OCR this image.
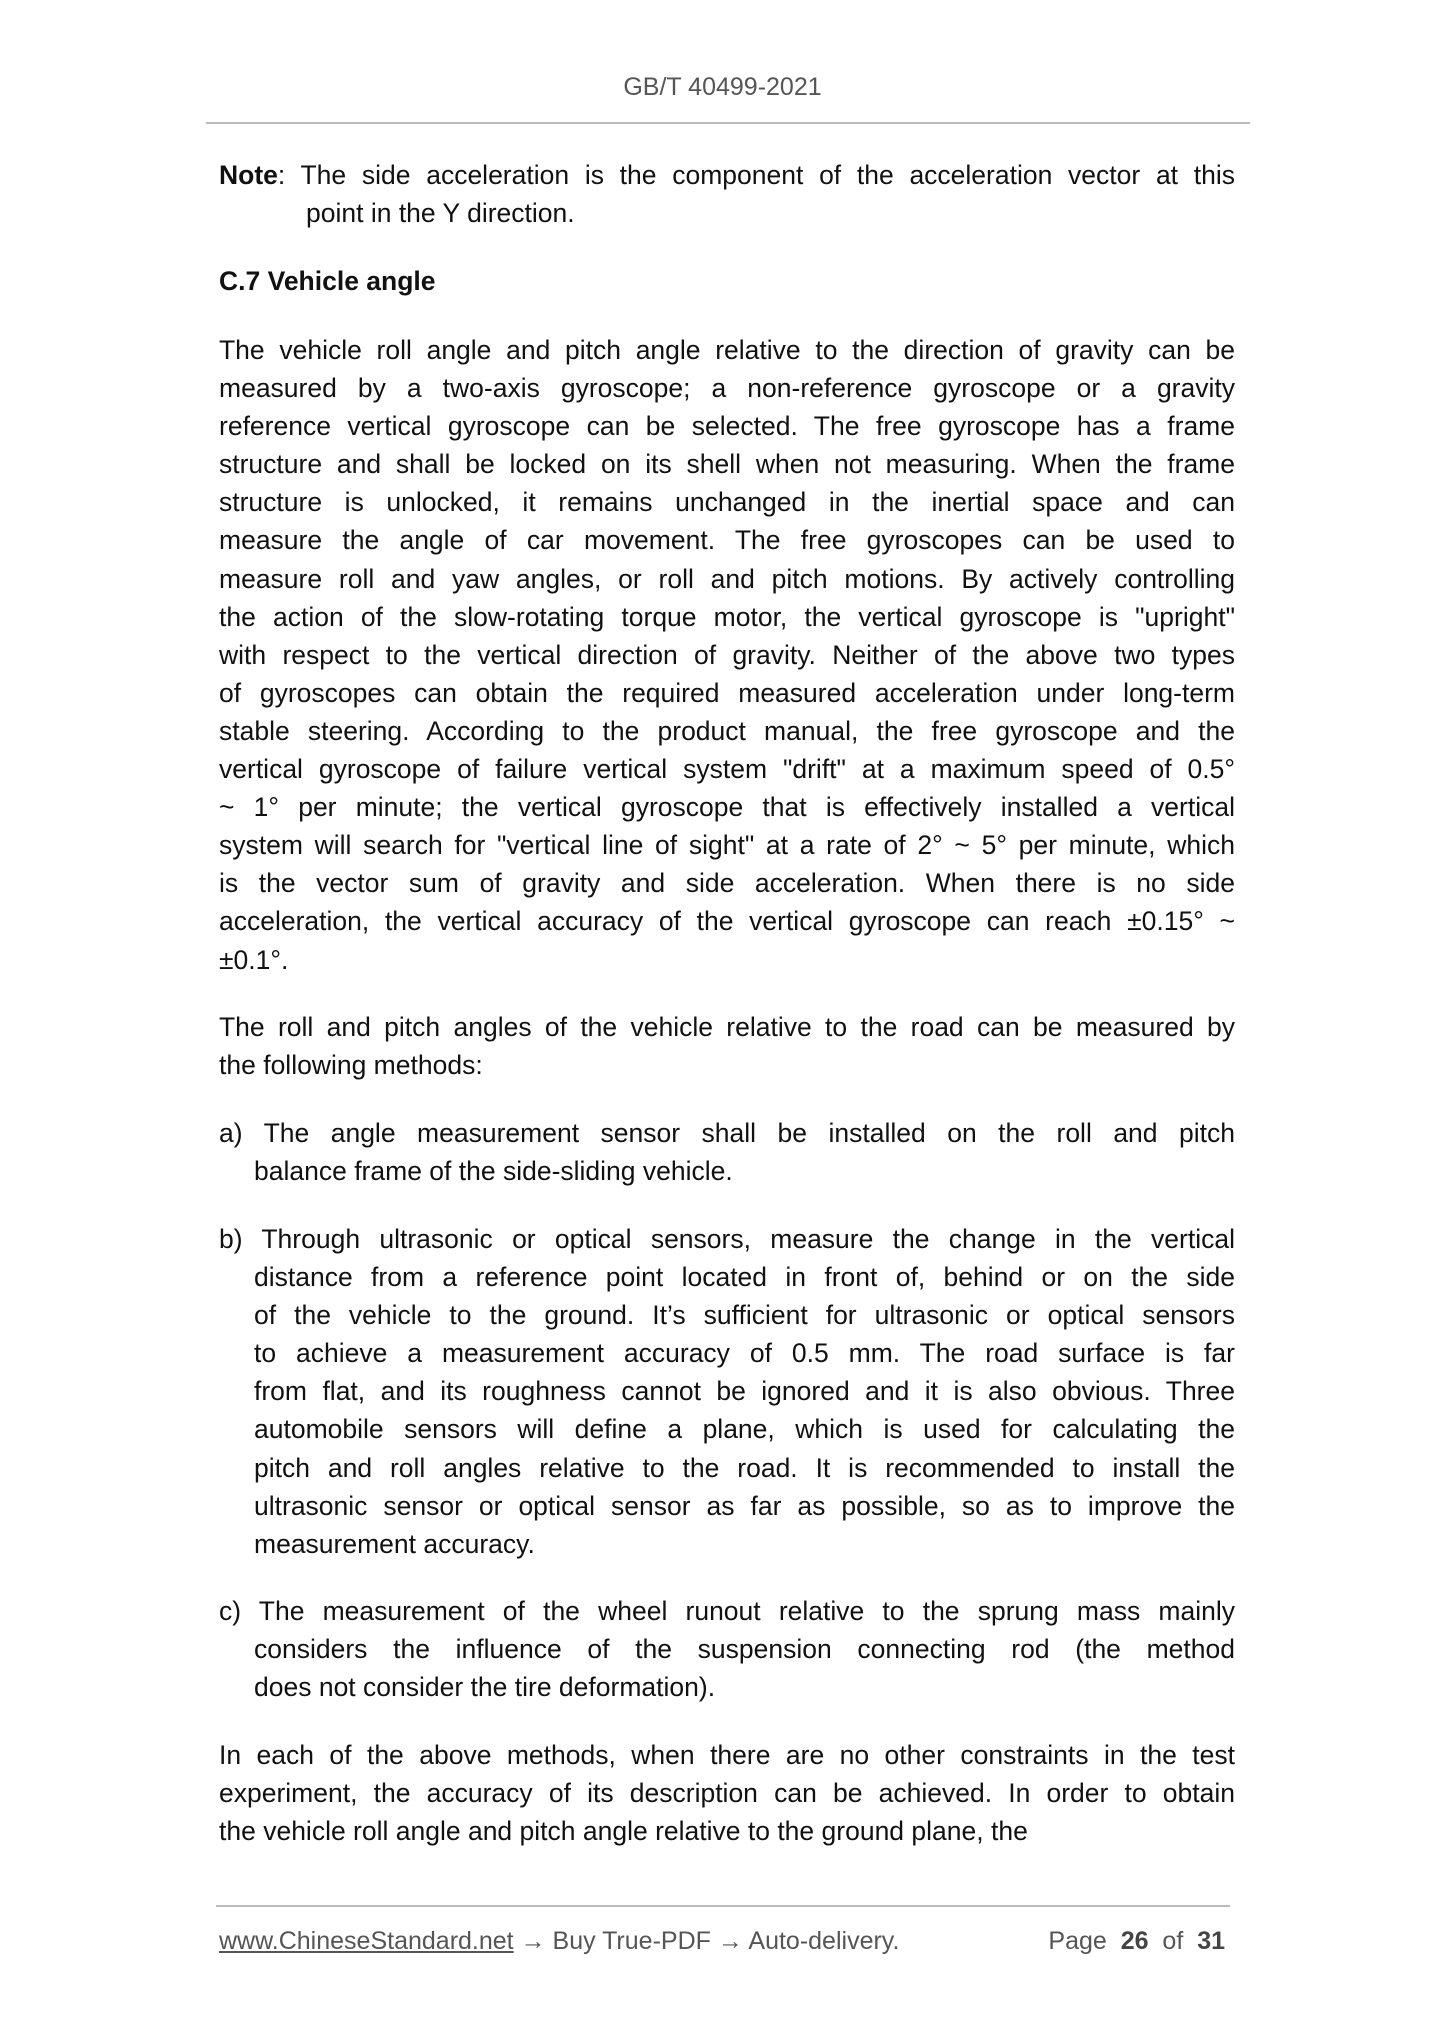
GB/T 40499-2021
Note: The side acceleration is the component of the acceleration vector at this
point in the Y direction.
C.7 Vehicle angle
The vehicle roll angle and pitch angle relative to the direction of gravity can be
measured by a two-axis gyroscope; a non-reference gyroscope or a gravity
reference vertical gyroscope can be selected. The free gyroscope has a frame
structure and shall be locked on its shell when not measuring. When the frame
structure is unlocked, it remains unchanged in the inertial space and can
measure the angle of car movement. The free gyroscopes can be used to
measure roll and yaw angles, or roll and pitch motions. By actively controlling
the action of the slow-rotating torque motor, the vertical gyroscope is "upright"
with respect to the vertical direction of gravity. Neither of the above two types
of gyroscopes can obtain the required measured acceleration under long-term
stable steering. According to the product manual, the free gyroscope and the
vertical gyroscope of failure vertical system "drift" at a maximum speed of 0.5°
~ 1° per minute; the vertical gyroscope that is effectively installed a vertical
system will search for "vertical line of sight" at a rate of 2° ~ 5° per minute, which
is the vector sum of gravity and side acceleration. When there is no side
acceleration, the vertical accuracy of the vertical gyroscope can reach ±0.15° ~
±0.1°.
The roll and pitch angles of the vehicle relative to the road can be measured by
the following methods:
a) The angle measurement sensor shall be installed on the roll and pitch
balance frame of the side-sliding vehicle.
b) Through ultrasonic or optical sensors, measure the change in the vertical
distance from a reference point located in front of, behind or on the side
of the vehicle to the ground. It’s sufficient for ultrasonic or optical sensors
to achieve a measurement accuracy of 0.5 mm. The road surface is far
from flat, and its roughness cannot be ignored and it is also obvious. Three
automobile sensors will define a plane, which is used for calculating the
pitch and roll angles relative to the road. It is recommended to install the
ultrasonic sensor or optical sensor as far as possible, so as to improve the
measurement accuracy.
c) The measurement of the wheel runout relative to the sprung mass mainly
considers the influence of the suspension connecting rod (the method
does not consider the tire deformation).
In each of the above methods, when there are no other constraints in the test
experiment, the accuracy of its description can be achieved. In order to obtain
the vehicle roll angle and pitch angle relative to the ground plane, the
www.ChineseStandard.net → Buy True-PDF → Auto-delivery.	Page 26 of 31
